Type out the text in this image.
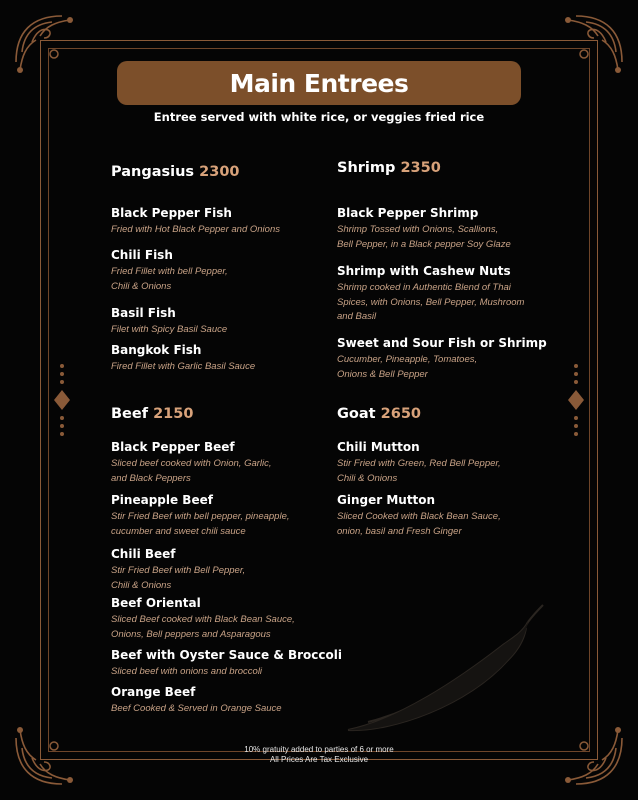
Main Entrees
Entree served with white rice, or veggies fried rice
Pangasius 2300
Black Pepper Fish
Fried with Hot Black Pepper and Onions
Chili Fish
Fried Fillet with bell Pepper,
Chili & Onions
Basil Fish
Filet with Spicy Basil Sauce
Bangkok Fish
Fired Fillet with Garlic Basil Sauce
Beef 2150
Black Pepper Beef
Sliced beef cooked with Onion, Garlic,
and Black Peppers
Pineapple Beef
Stir Fried Beef with bell pepper, pineapple,
cucumber and sweet chili sauce
Chili Beef
Stir Fried Beef with Bell Pepper,
Chili & Onions
Beef Oriental
Sliced Beef cooked with Black Bean Sauce,
Onions, Bell peppers and Asparagous
Beef with Oyster Sauce & Broccoli
Sliced beef with onions and broccoli
Orange Beef
Beef Cooked & Served in Orange Sauce
Shrimp 2350
Black Pepper Shrimp
Shrimp Tossed with Onions, Scallions,
Bell Pepper, in a Black pepper Soy Glaze
Shrimp with Cashew Nuts
Shrimp cooked in Authentic Blend of Thai
Spices, with Onions, Bell Pepper, Mushroom
and Basil
Sweet and Sour Fish or Shrimp
Cucumber, Pineapple, Tomatoes,
Onions & Bell Pepper
Goat 2650
Chili Mutton
Stir Fried with Green, Red Bell Pepper,
Chili & Onions
Ginger Mutton
Sliced Cooked with Black Bean Sauce,
onion, basil and Fresh Ginger
10% gratuity added to parties of 6 or more
All Prices Are Tax Exclusive
